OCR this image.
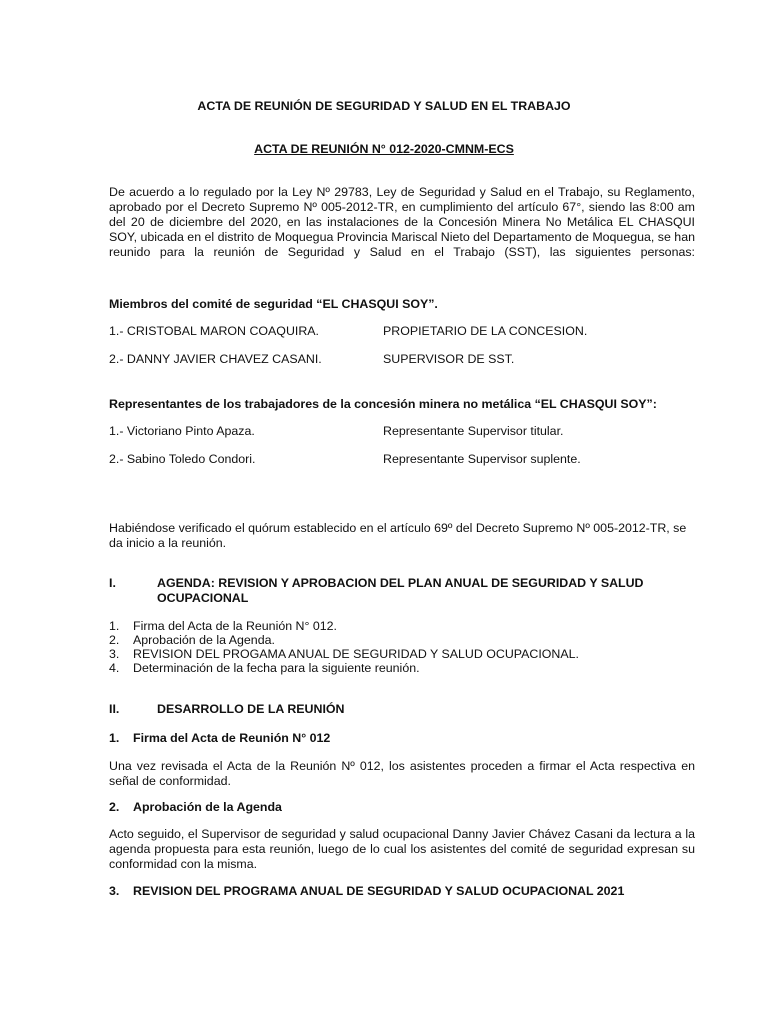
ACTA DE REUNIÓN DE SEGURIDAD Y SALUD EN EL TRABAJO
ACTA DE REUNIÓN N° 012-2020-CMNM-ECS
De acuerdo a lo regulado por la Ley Nº 29783, Ley de Seguridad y Salud en el Trabajo, su Reglamento, aprobado por el Decreto Supremo Nº 005-2012-TR, en cumplimiento del artículo 67°, siendo las 8:00 am del 20 de diciembre del 2020, en las instalaciones de la Concesión Minera No Metálica EL CHASQUI SOY, ubicada en el distrito de Moquegua Provincia Mariscal Nieto del Departamento de Moquegua, se han reunido para la reunión de Seguridad y Salud en el Trabajo (SST), las siguientes personas:
Miembros del comité de seguridad “EL CHASQUI SOY”.
1.- CRISTOBAL MARON COAQUIRA.	PROPIETARIO DE LA CONCESION.
2.- DANNY JAVIER CHAVEZ CASANI.	SUPERVISOR DE SST.
Representantes de los trabajadores de la concesión minera no metálica “EL CHASQUI SOY”:
1.- Victoriano Pinto Apaza.	Representante Supervisor titular.
2.- Sabino Toledo Condori.	Representante Supervisor suplente.
Habiéndose verificado el quórum establecido en el artículo 69º del Decreto Supremo Nº 005-2012-TR, se da inicio a la reunión.
I.	AGENDA: REVISION Y APROBACION DEL PLAN ANUAL DE SEGURIDAD Y SALUD
OCUPACIONAL
1. Firma del Acta de la Reunión N° 012.
2. Aprobación de la Agenda.
3. REVISION DEL PROGAMA ANUAL DE SEGURIDAD Y SALUD OCUPACIONAL.
4. Determinación de la fecha para la siguiente reunión.
II.	DESARROLLO DE LA REUNIÓN
1. Firma del Acta de Reunión N° 012
Una vez revisada el Acta de la Reunión Nº 012, los asistentes proceden a firmar el Acta respectiva en señal de conformidad.
2. Aprobación de la Agenda
Acto seguido, el Supervisor de seguridad y salud ocupacional Danny Javier Chávez Casani da lectura a la agenda propuesta para esta reunión, luego de lo cual los asistentes del comité de seguridad expresan su conformidad con la misma.
3. REVISION DEL PROGRAMA ANUAL DE SEGURIDAD Y SALUD OCUPACIONAL 2021
